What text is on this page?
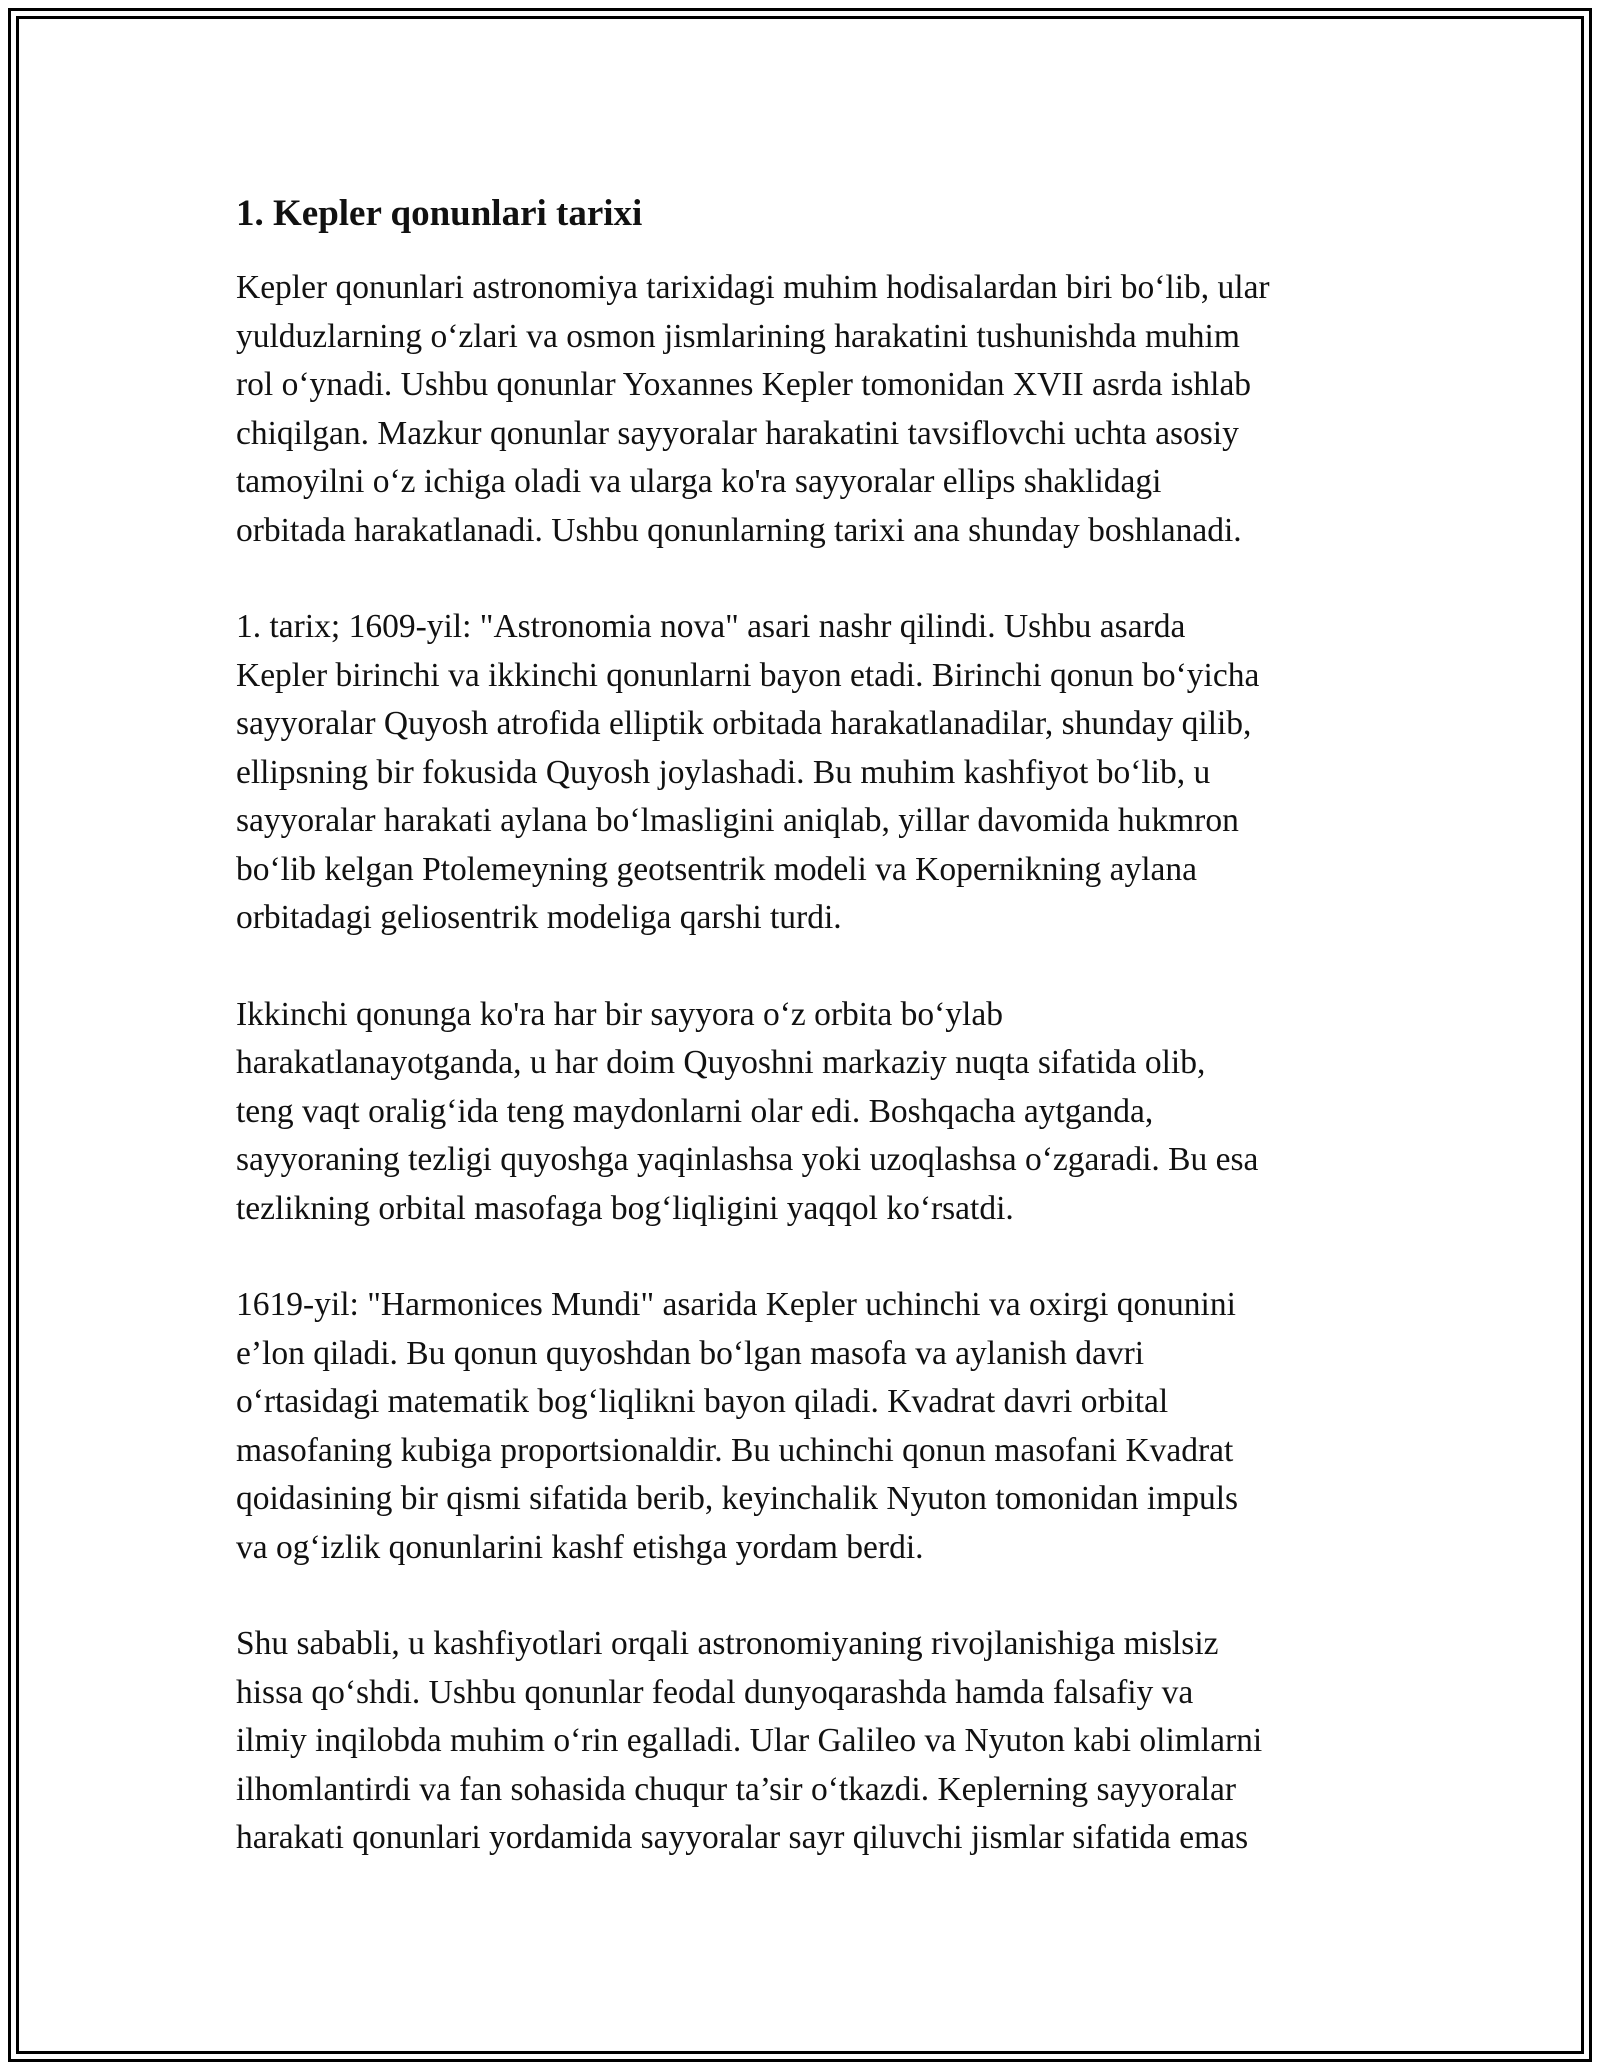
1. Kepler qonunlari tarixi

Kepler qonunlari astronomiya tarixidagi muhim hodisalardan biri bo‘lib, ular
yulduzlarning o‘zlari va osmon jismlarining harakatini tushunishda muhim
rol o‘ynadi. Ushbu qonunlar Yoxannes Kepler tomonidan XVII asrda ishlab
chiqilgan. Mazkur qonunlar sayyoralar harakatini tavsiflovchi uchta asosiy
tamoyilni o‘z ichiga oladi va ularga ko'ra sayyoralar ellips shaklidagi
orbitada harakatlanadi. Ushbu qonunlarning tarixi ana shunday boshlanadi.

1. tarix; 1609-yil: "Astronomia nova" asari nashr qilindi. Ushbu asarda
Kepler birinchi va ikkinchi qonunlarni bayon etadi. Birinchi qonun bo‘yicha
sayyoralar Quyosh atrofida elliptik orbitada harakatlanadilar, shunday qilib,
ellipsning bir fokusida Quyosh joylashadi. Bu muhim kashfiyot bo‘lib, u
sayyoralar harakati aylana bo‘lmasligini aniqlab, yillar davomida hukmron
bo‘lib kelgan Ptolemeyning geotsentrik modeli va Kopernikning aylana
orbitadagi geliosentrik modeliga qarshi turdi.

Ikkinchi qonunga ko'ra har bir sayyora o‘z orbita bo‘ylab
harakatlanayotganda, u har doim Quyoshni markaziy nuqta sifatida olib,
teng vaqt oralig‘ida teng maydonlarni olar edi. Boshqacha aytganda,
sayyoraning tezligi quyoshga yaqinlashsa yoki uzoqlashsa o‘zgaradi. Bu esa
tezlikning orbital masofaga bog‘liqligini yaqqol ko‘rsatdi.

1619-yil: "Harmonices Mundi" asarida Kepler uchinchi va oxirgi qonunini
e’lon qiladi. Bu qonun quyoshdan bo‘lgan masofa va aylanish davri
o‘rtasidagi matematik bog‘liqlikni bayon qiladi. Kvadrat davri orbital
masofaning kubiga proportsionaldir. Bu uchinchi qonun masofani Kvadrat
qoidasining bir qismi sifatida berib, keyinchalik Nyuton tomonidan impuls
va og‘izlik qonunlarini kashf etishga yordam berdi.

Shu sababli, u kashfiyotlari orqali astronomiyaning rivojlanishiga mislsiz
hissa qo‘shdi. Ushbu qonunlar feodal dunyoqarashda hamda falsafiy va
ilmiy inqilobda muhim o‘rin egalladi. Ular Galileo va Nyuton kabi olimlarni
ilhomlantirdi va fan sohasida chuqur ta’sir o‘tkazdi. Keplerning sayyoralar
harakati qonunlari yordamida sayyoralar sayr qiluvchi jismlar sifatida emas
